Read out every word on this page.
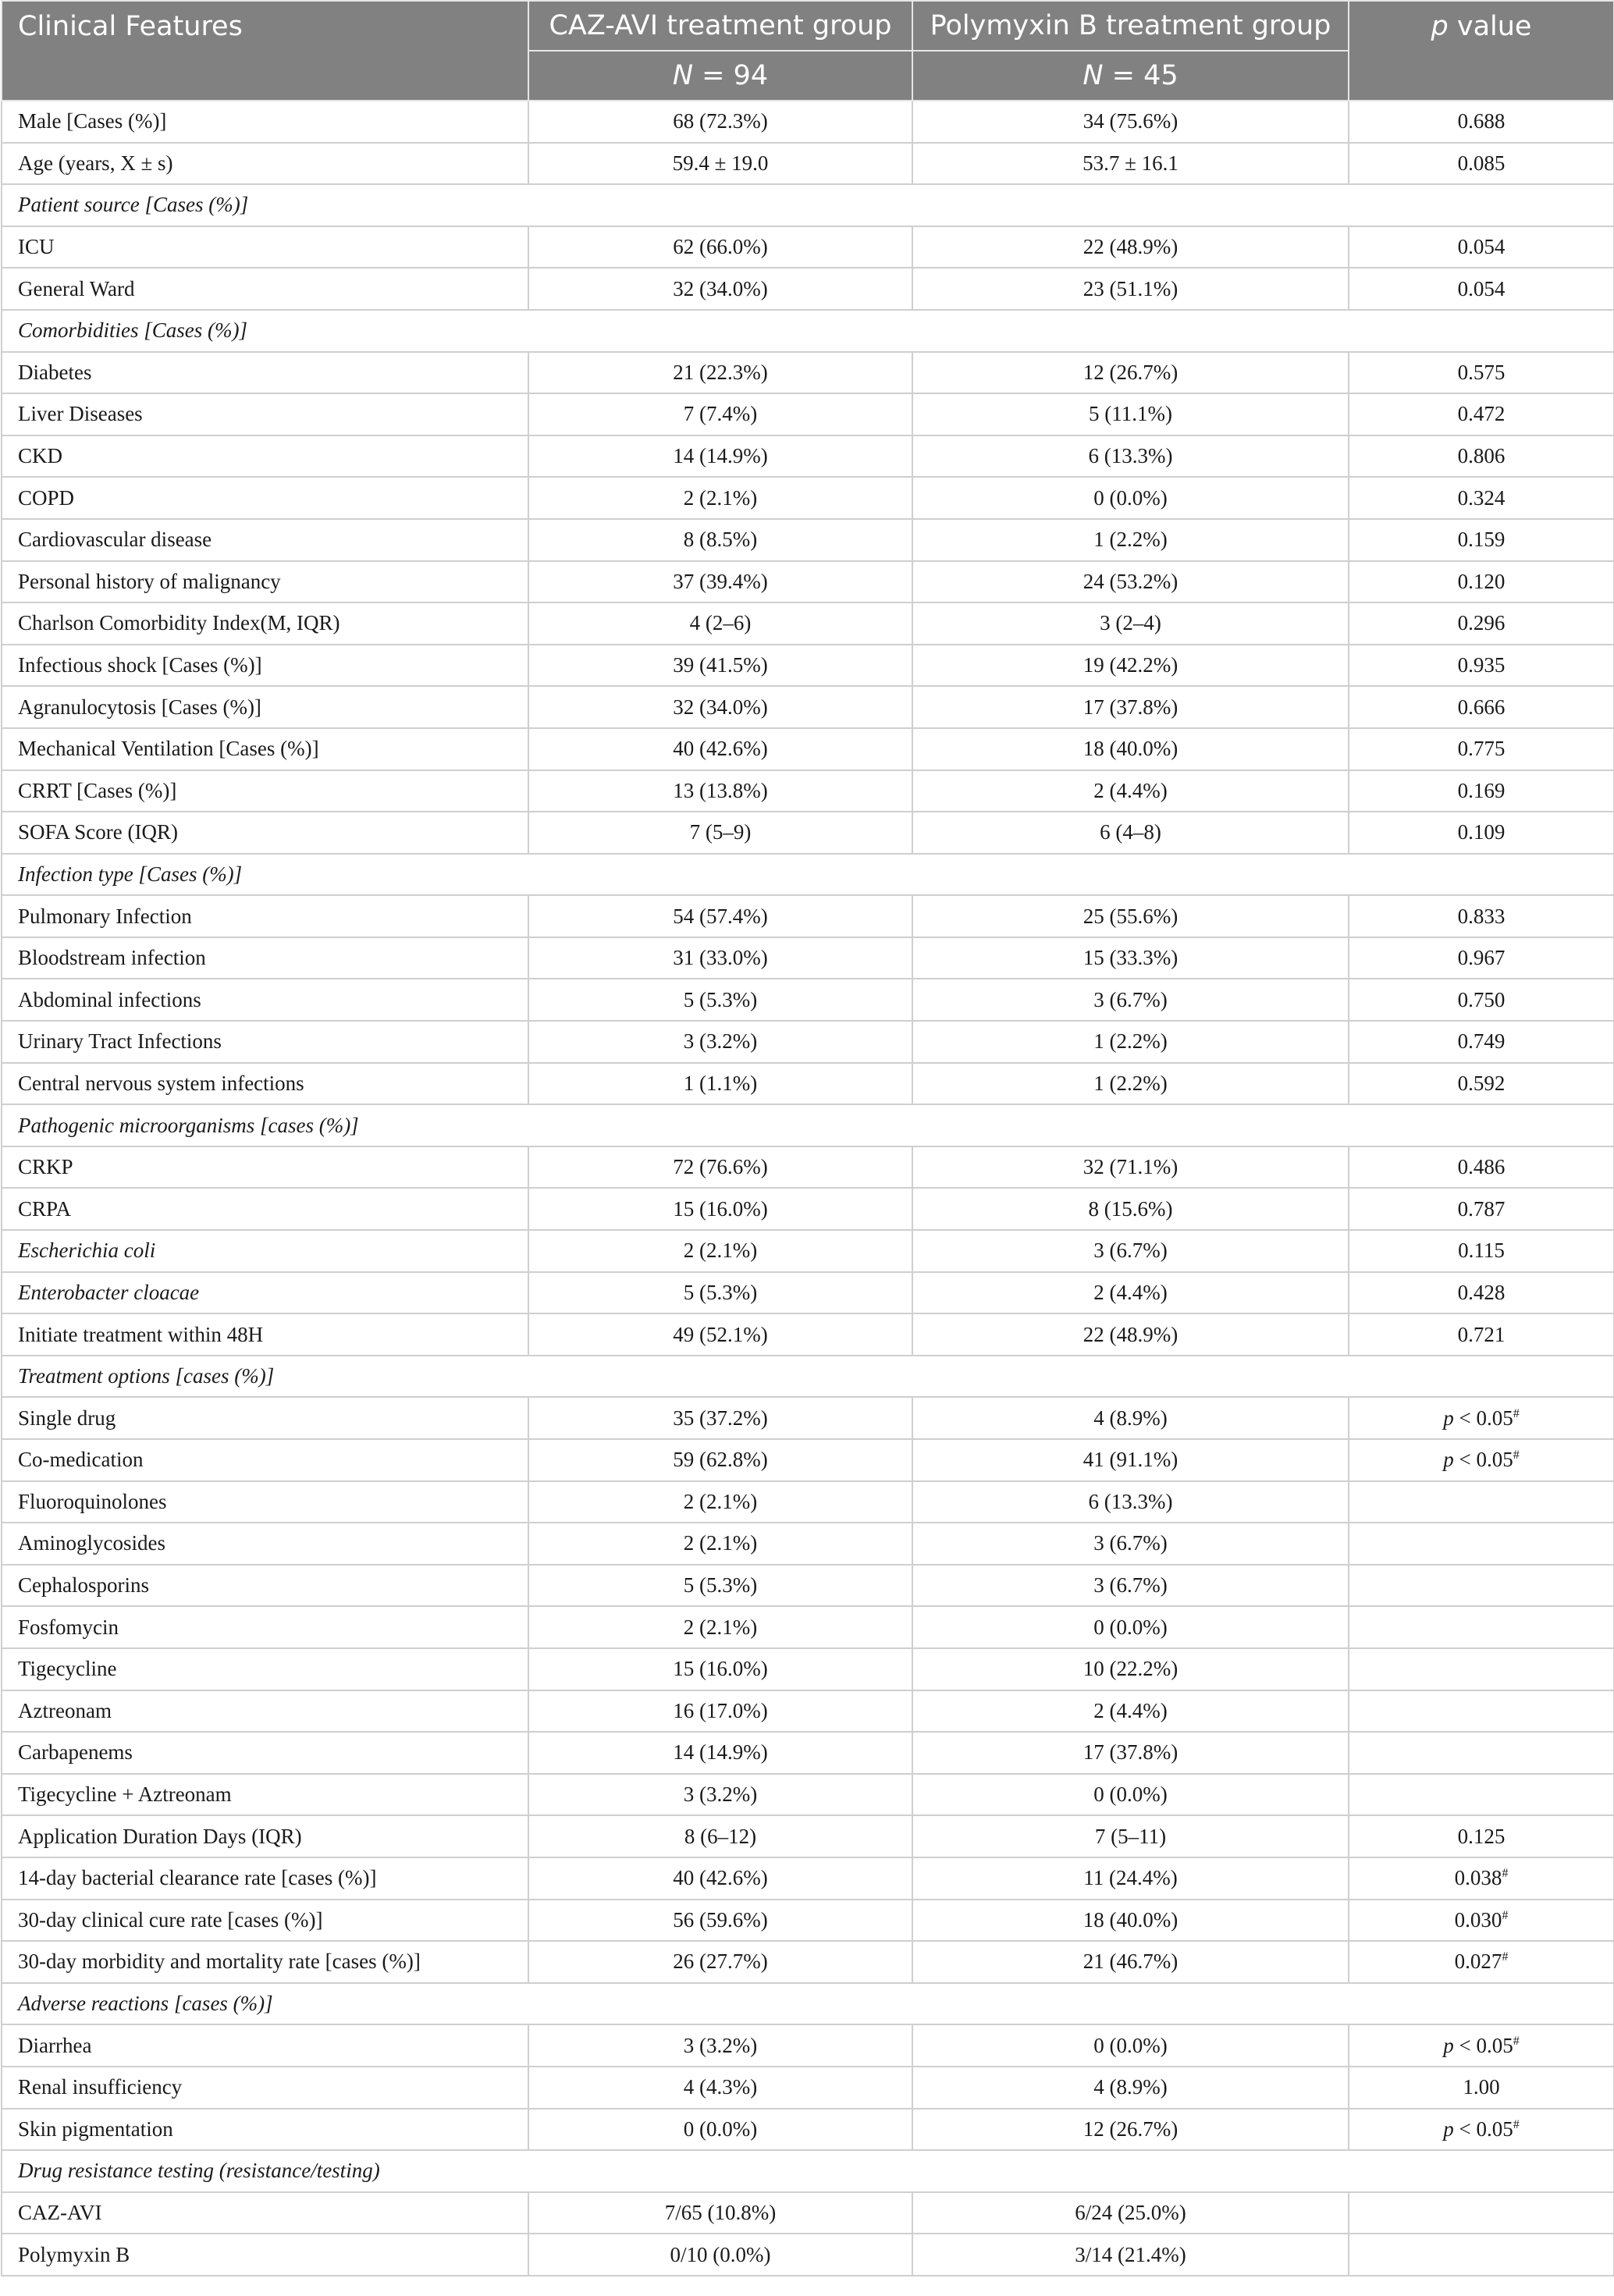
Clinical Features	CAZ-AVI treatment group	Polymyxin B treatment group	p value
	N = 94	N = 45	
Male [Cases (%)]	68 (72.3%)	34 (75.6%)	0.688
Age (years, X ± s)	59.4 ± 19.0	53.7 ± 16.1	0.085
Patient source [Cases (%)]			
ICU	62 (66.0%)	22 (48.9%)	0.054
General Ward	32 (34.0%)	23 (51.1%)	0.054
Comorbidities [Cases (%)]			
Diabetes	21 (22.3%)	12 (26.7%)	0.575
Liver Diseases	7 (7.4%)	5 (11.1%)	0.472
CKD	14 (14.9%)	6 (13.3%)	0.806
COPD	2 (2.1%)	0 (0.0%)	0.324
Cardiovascular disease	8 (8.5%)	1 (2.2%)	0.159
Personal history of malignancy	37 (39.4%)	24 (53.2%)	0.120
Charlson Comorbidity Index(M, IQR)	4 (2–6)	3 (2–4)	0.296
Infectious shock [Cases (%)]	39 (41.5%)	19 (42.2%)	0.935
Agranulocytosis [Cases (%)]	32 (34.0%)	17 (37.8%)	0.666
Mechanical Ventilation [Cases (%)]	40 (42.6%)	18 (40.0%)	0.775
CRRT [Cases (%)]	13 (13.8%)	2 (4.4%)	0.169
SOFA Score (IQR)	7 (5–9)	6 (4–8)	0.109
Infection type [Cases (%)]			
Pulmonary Infection	54 (57.4%)	25 (55.6%)	0.833
Bloodstream infection	31 (33.0%)	15 (33.3%)	0.967
Abdominal infections	5 (5.3%)	3 (6.7%)	0.750
Urinary Tract Infections	3 (3.2%)	1 (2.2%)	0.749
Central nervous system infections	1 (1.1%)	1 (2.2%)	0.592
Pathogenic microorganisms [cases (%)]			
CRKP	72 (76.6%)	32 (71.1%)	0.486
CRPA	15 (16.0%)	8 (15.6%)	0.787
Escherichia coli	2 (2.1%)	3 (6.7%)	0.115
Enterobacter cloacae	5 (5.3%)	2 (4.4%)	0.428
Initiate treatment within 48H	49 (52.1%)	22 (48.9%)	0.721
Treatment options [cases (%)]			
Single drug	35 (37.2%)	4 (8.9%)	p < 0.05#
Co-medication	59 (62.8%)	41 (91.1%)	p < 0.05#
Fluoroquinolones	2 (2.1%)	6 (13.3%)	
Aminoglycosides	2 (2.1%)	3 (6.7%)	
Cephalosporins	5 (5.3%)	3 (6.7%)	
Fosfomycin	2 (2.1%)	0 (0.0%)	
Tigecycline	15 (16.0%)	10 (22.2%)	
Aztreonam	16 (17.0%)	2 (4.4%)	
Carbapenems	14 (14.9%)	17 (37.8%)	
Tigecycline + Aztreonam	3 (3.2%)	0 (0.0%)	
Application Duration Days (IQR)	8 (6–12)	7 (5–11)	0.125
14-day bacterial clearance rate [cases (%)]	40 (42.6%)	11 (24.4%)	0.038#
30-day clinical cure rate [cases (%)]	56 (59.6%)	18 (40.0%)	0.030#
30-day morbidity and mortality rate [cases (%)]	26 (27.7%)	21 (46.7%)	0.027#
Adverse reactions [cases (%)]			
Diarrhea	3 (3.2%)	0 (0.0%)	p < 0.05#
Renal insufficiency	4 (4.3%)	4 (8.9%)	1.00
Skin pigmentation	0 (0.0%)	12 (26.7%)	p < 0.05#
Drug resistance testing (resistance/testing)			
CAZ-AVI	7/65 (10.8%)	6/24 (25.0%)	
Polymyxin B	0/10 (0.0%)	3/14 (21.4%)	
